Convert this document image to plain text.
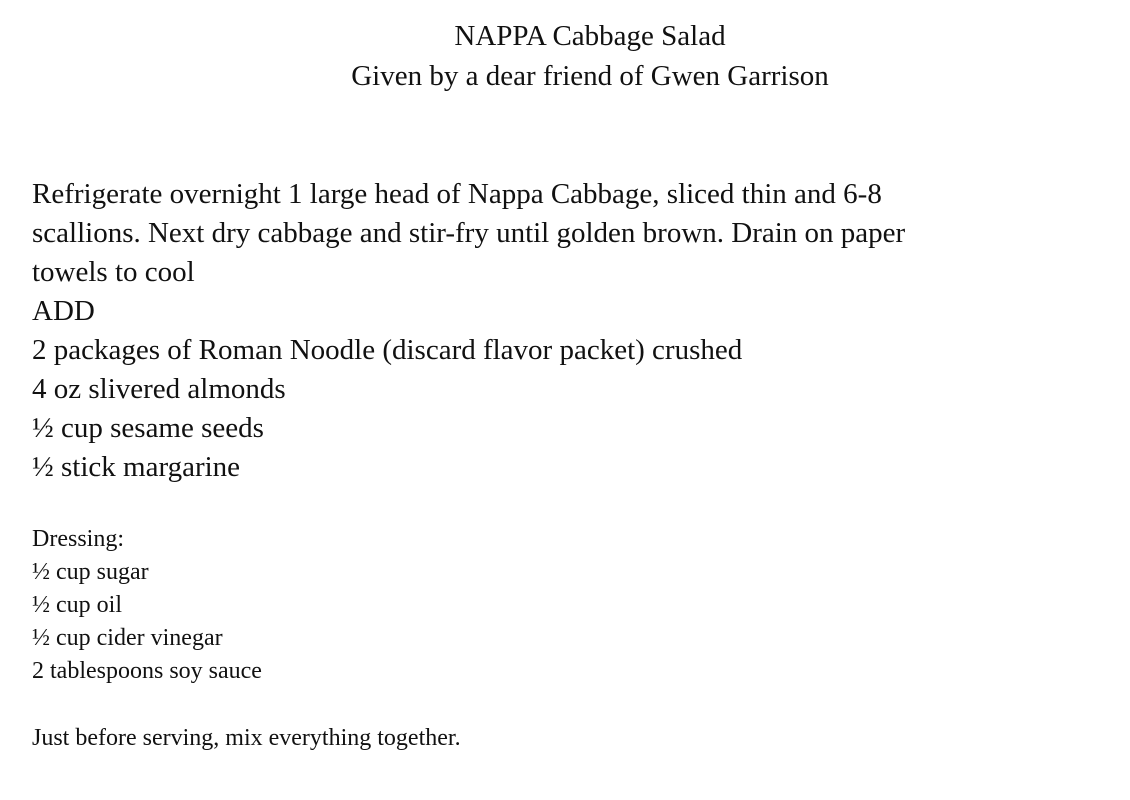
NAPPA Cabbage Salad
Given by a dear friend of Gwen Garrison
Refrigerate overnight 1 large head of Nappa Cabbage, sliced thin and 6-8
scallions. Next dry cabbage and stir-fry until golden brown. Drain on paper
towels to cool
ADD
2 packages of Roman Noodle (discard flavor packet) crushed
4 oz slivered almonds
½ cup sesame seeds
½ stick margarine
Dressing:
½ cup sugar
½ cup oil
½ cup cider vinegar
2 tablespoons soy sauce
Just before serving, mix everything together.
